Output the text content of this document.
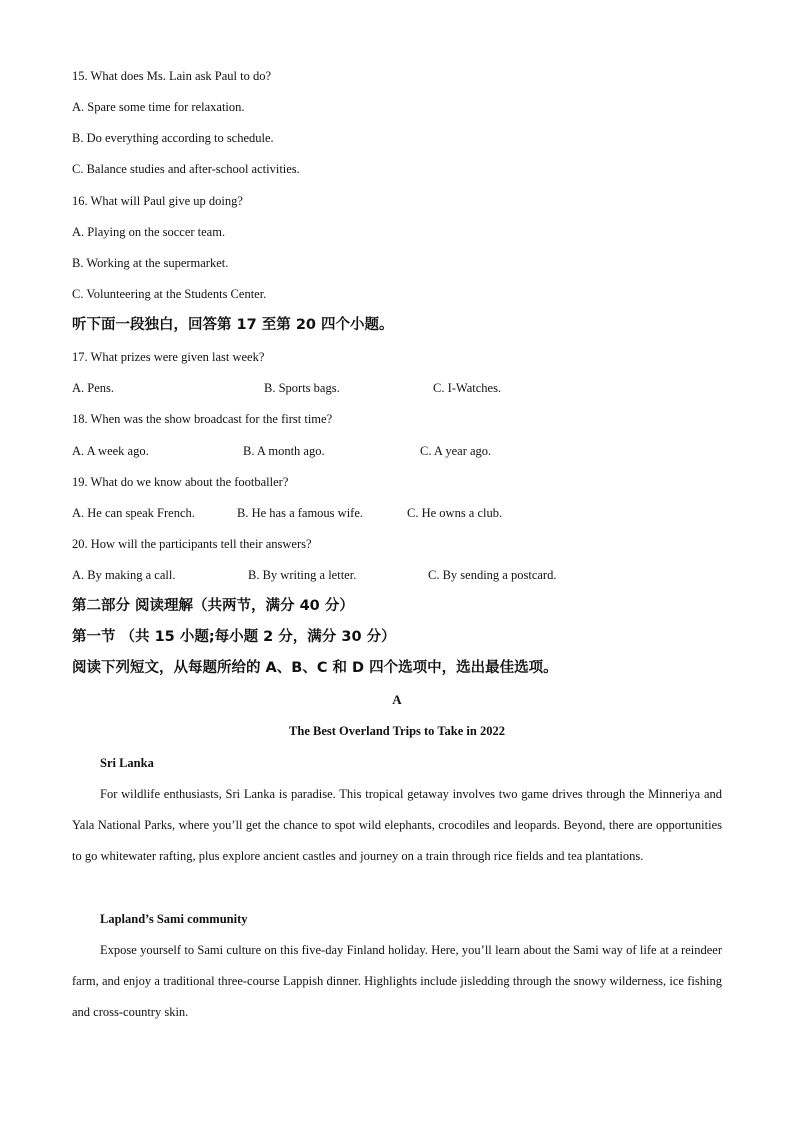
15. What does Ms. Lain ask Paul to do?
A. Spare some time for relaxation.
B. Do everything according to schedule.
C. Balance studies and after-school activities.
16. What will Paul give up doing?
A. Playing on the soccer team.
B. Working at the supermarket.
C. Volunteering at the Students Center.
听下面一段独白，回答第 17 至第 20 四个小题。
17. What prizes were given last week?
A. Pens.	B. Sports bags.	C. I-Watches.
18. When was the show broadcast for the first time?
A. A week ago.	B. A month ago.	C. A year ago.
19. What do we know about the footballer?
A. He can speak French.	B. He has a famous wife.	C. He owns a club.
20. How will the participants tell their answers?
A. By making a call.	B. By writing a letter.	C. By sending a postcard.
第二部分 阅读理解（共两节，满分 40 分）
第一节 （共 15 小题;每小题 2 分，满分 30 分）
阅读下列短文，从每题所给的 A、B、C 和 D 四个选项中，选出最佳选项。
A
The Best Overland Trips to Take in 2022
Sri Lanka
For wildlife enthusiasts, Sri Lanka is paradise. This tropical getaway involves two game drives through the Minneriya and Yala National Parks, where you’ll get the chance to spot wild elephants, crocodiles and leopards. Beyond, there are opportunities to go whitewater rafting, plus explore ancient castles and journey on a train through rice fields and tea plantations.
Lapland’s Sami community
Expose yourself to Sami culture on this five-day Finland holiday. Here, you’ll learn about the Sami way of life at a reindeer farm, and enjoy a traditional three-course Lappish dinner. Highlights include jisledding through the snowy wilderness, ice fishing and cross-country skin.
